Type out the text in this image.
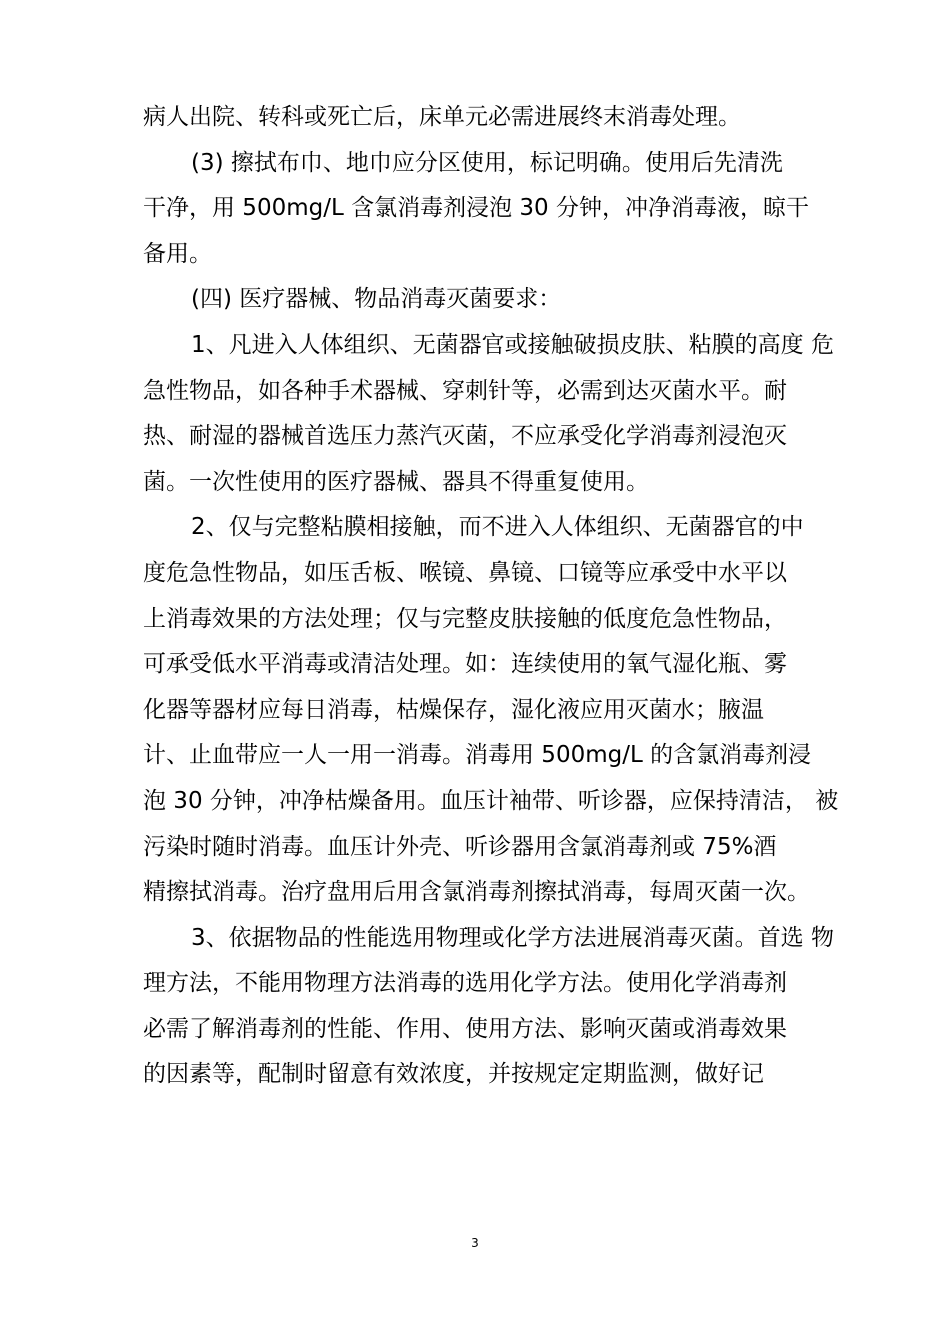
病人出院、转科或死亡后，床单元必需进展终末消毒处理。
(3) 擦拭布巾、地巾应分区使用，标记明确。使用后先清洗
干净，用 500mg/L 含氯消毒剂浸泡 30 分钟，冲净消毒液，晾干
备用。
(四) 医疗器械、物品消毒灭菌要求：
1、凡进入人体组织、无菌器官或接触破损皮肤、粘膜的高度 危
急性物品，如各种手术器械、穿刺针等，必需到达灭菌水平。耐
热、耐湿的器械首选压力蒸汽灭菌，不应承受化学消毒剂浸泡灭
菌。一次性使用的医疗器械、器具不得重复使用。
2、仅与完整粘膜相接触，而不进入人体组织、无菌器官的中
度危急性物品，如压舌板、喉镜、鼻镜、口镜等应承受中水平以
上消毒效果的方法处理；仅与完整皮肤接触的低度危急性物品，
可承受低水平消毒或清洁处理。如：连续使用的氧气湿化瓶、雾
化器等器材应每日消毒，枯燥保存，湿化液应用灭菌水；腋温
计、止血带应一人一用一消毒。消毒用 500mg/L 的含氯消毒剂浸
泡 30 分钟，冲净枯燥备用。血压计袖带、听诊器，应保持清洁， 被
污染时随时消毒。血压计外壳、听诊器用含氯消毒剂或 75%酒
精擦拭消毒。治疗盘用后用含氯消毒剂擦拭消毒，每周灭菌一次。
3、依据物品的性能选用物理或化学方法进展消毒灭菌。首选 物
理方法，不能用物理方法消毒的选用化学方法。使用化学消毒剂
必需了解消毒剂的性能、作用、使用方法、影响灭菌或消毒效果
的因素等，配制时留意有效浓度，并按规定定期监测，做好记
3
